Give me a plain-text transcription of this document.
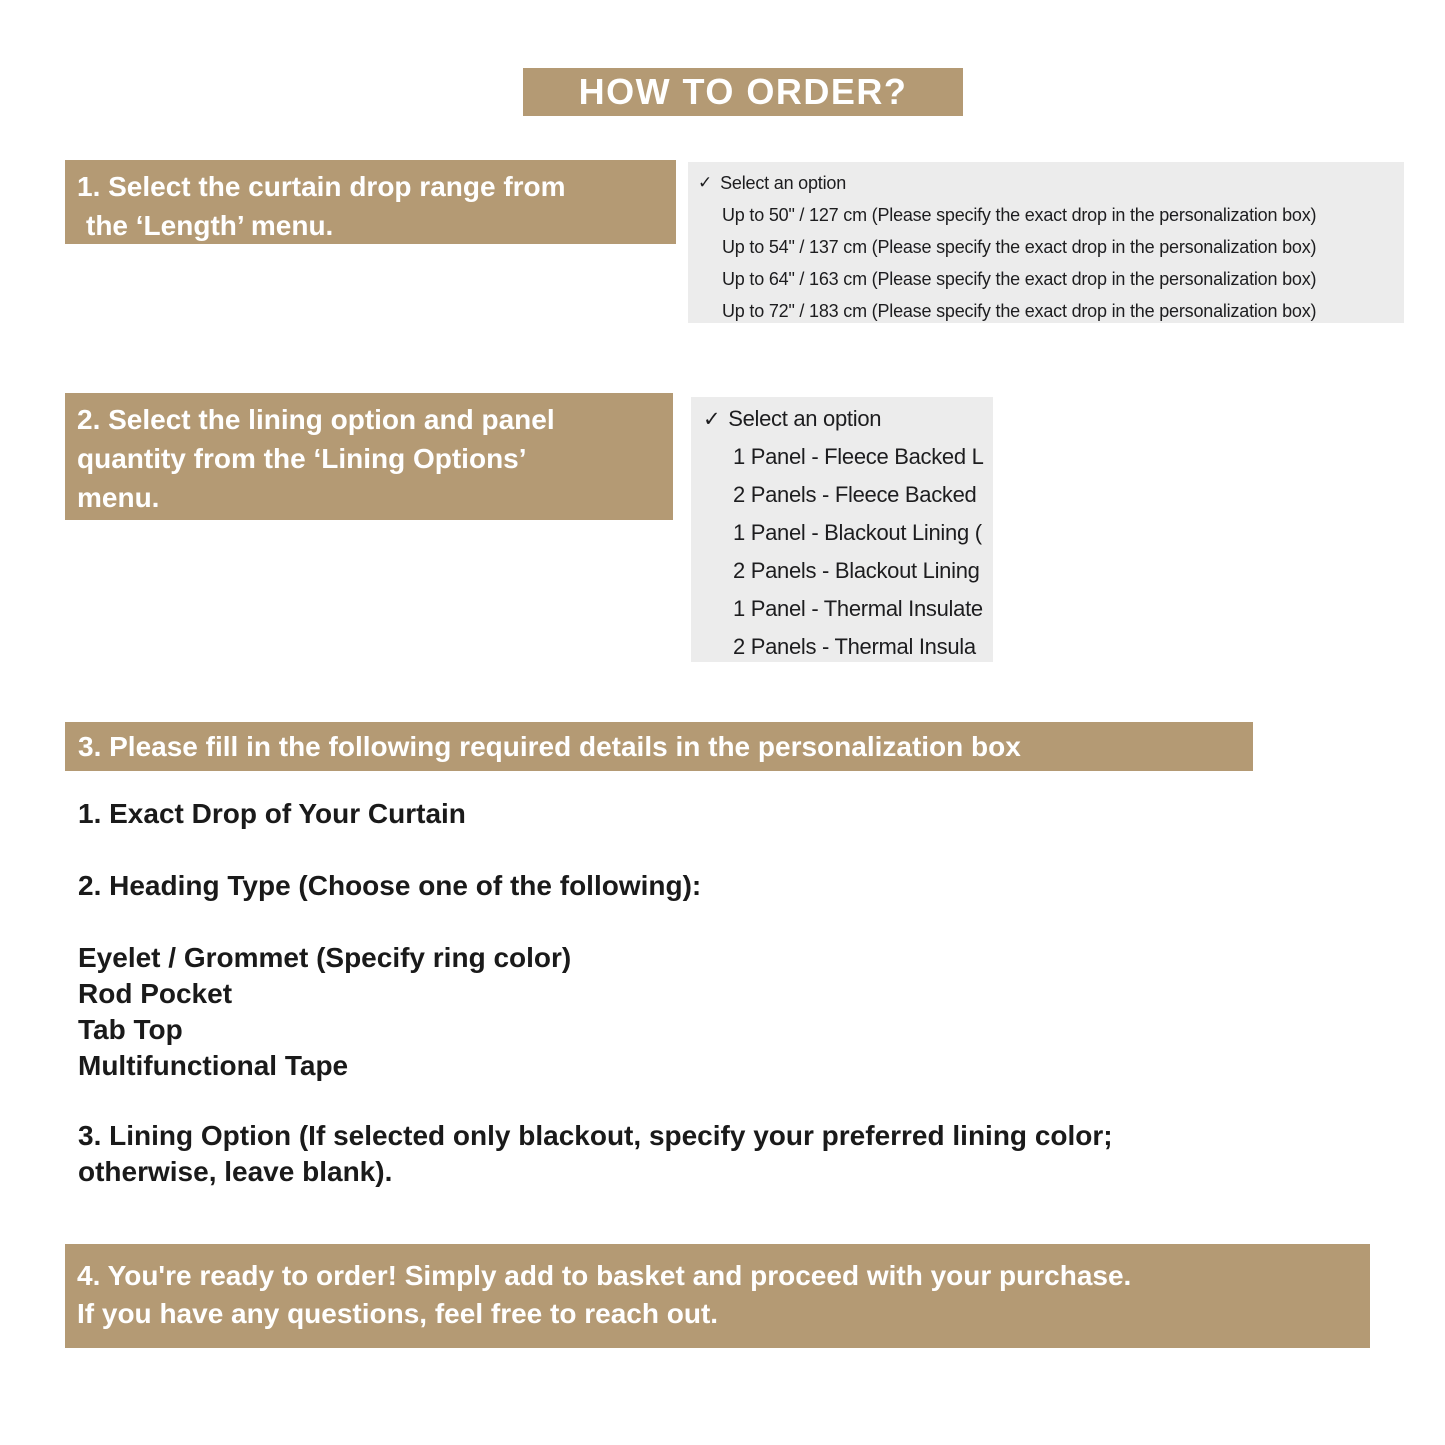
HOW TO ORDER?
1. Select the curtain drop range from
the ‘Length’ menu.
✓ Select an option
Up to 50" / 127 cm (Please specify the exact drop in the personalization box)
Up to 54" / 137 cm (Please specify the exact drop in the personalization box)
Up to 64" / 163 cm (Please specify the exact drop in the personalization box)
Up to 72" / 183 cm (Please specify the exact drop in the personalization box)
2. Select the lining option and panel
quantity from the ‘Lining Options’
menu.
✓ Select an option
1 Panel - Fleece Backed L
2 Panels - Fleece Backed
1 Panel - Blackout Lining (
2 Panels - Blackout Lining
1 Panel - Thermal Insulate
2 Panels - Thermal Insula
3. Please fill in the following required details in the personalization box
1. Exact Drop of Your Curtain
2. Heading Type (Choose one of the following):
Eyelet / Grommet (Specify ring color)
Rod Pocket
Tab Top
Multifunctional Tape
3. Lining Option (If selected only blackout, specify your preferred lining color;
otherwise, leave blank).
4. You're ready to order! Simply add to basket and proceed with your purchase.
If you have any questions, feel free to reach out.
